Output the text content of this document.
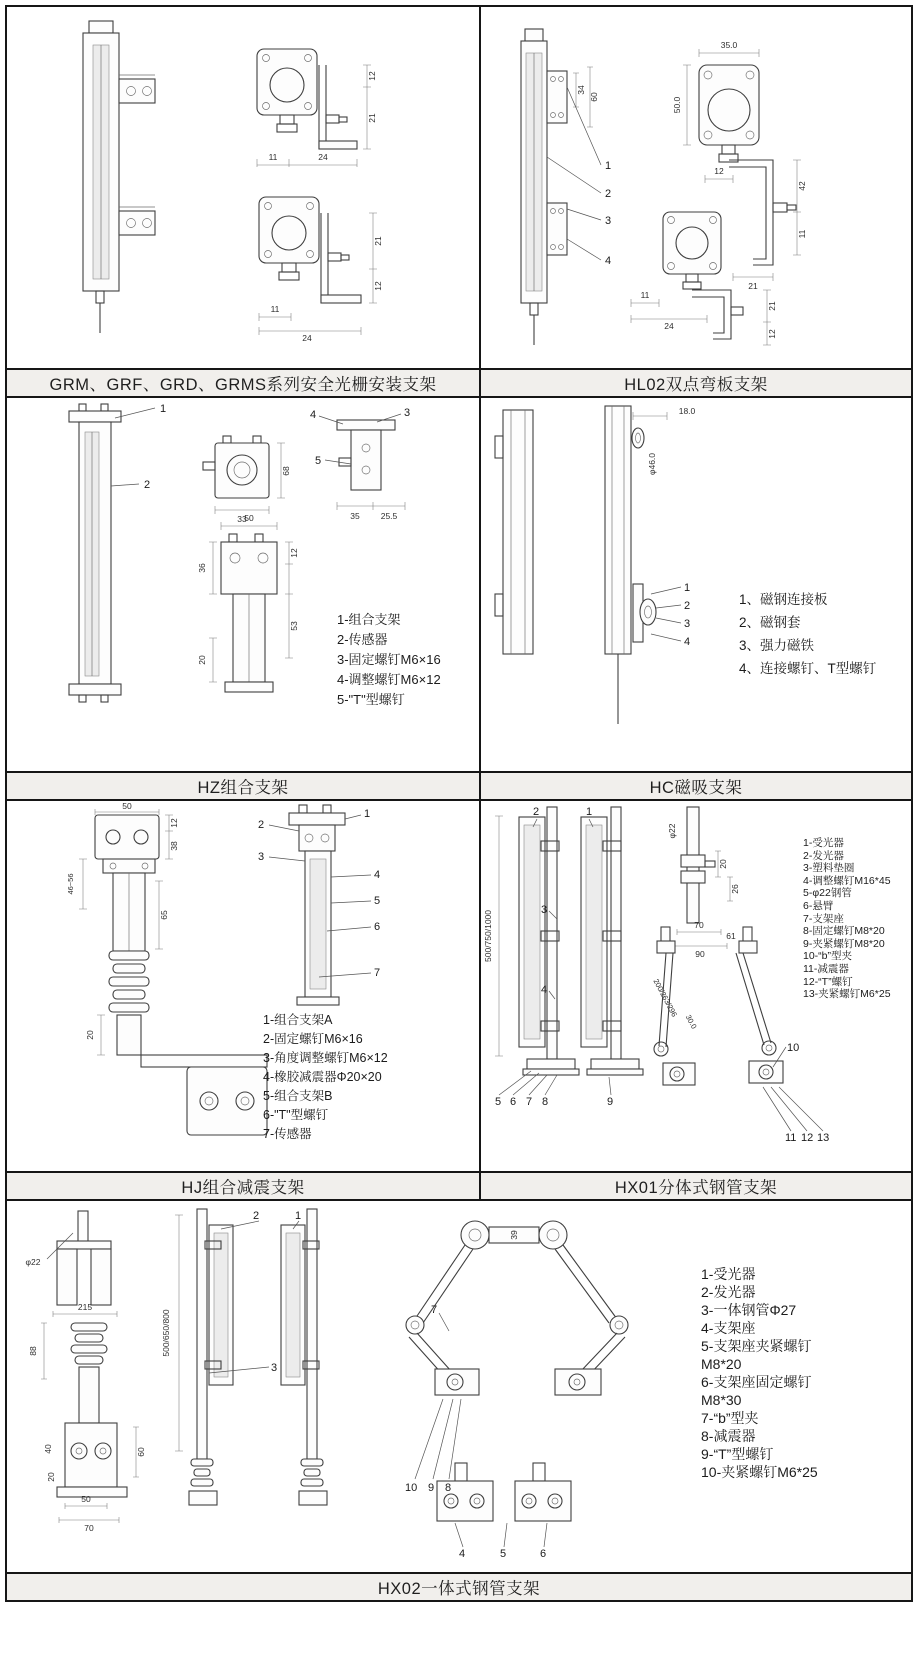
12
21
11	24
21
12
11
24
GRM、GRF、GRD、GRMS系列安全光栅安装支架
34
60
1
2
3
4
35.0
50.0
12
42
11
21
11
24
21
12
HL02双点弯板支架
1
2
33
68
3
4
5
35 25.5
50
12
36
53
20
1-组合支架
2-传感器
3-固定螺钉M6×16
4-调整螺钉M6×12
5-"T"型螺钉
HZ组合支架
18.0
φ46.0
1
2
3
4
1、磁钢连接板
2、磁钢套
3、强力磁铁
4、连接螺钉、T型螺钉
HC磁吸支架
50
12
38
46~56
20
65
1
2
3
4
5
6
7
1-组合支架A
2-固定螺钉M6×16
3-角度调整螺钉M6×12
4-橡胶减震器Φ20×20
5-组合支架B
6-"T"型螺钉
7-传感器
HJ组合减震支架
500/750/1000
1
2
3
4
5 6 7 8	9
φ22
20
26
70
90
200/263/296
30.0
61
10
11 12 13
1-受光器
2-发光器
3-塑料垫圈
4-调整螺钉M16*45
5-φ22钢管
6-悬臂
7-支架座
8-固定螺钉M8*20
9-夹紧螺钉M8*20
10-“b”型夹
11-减震器
12-“T”螺钉
13-夹紧螺钉M6*25
HX01分体式钢管支架
φ22
215
88
40
20
50
70
60
500/650/800
1
2
3
4	5	6
39
7
10 9 8
1-受光器
2-发光器
3-一体钢管Φ27
4-支架座
5-支架座夹紧螺钉M8*20
6-支架座固定螺钉M8*30
7-“b”型夹
8-减震器
9-“T”型螺钉
10-夹紧螺钉M6*25
HX02一体式钢管支架
